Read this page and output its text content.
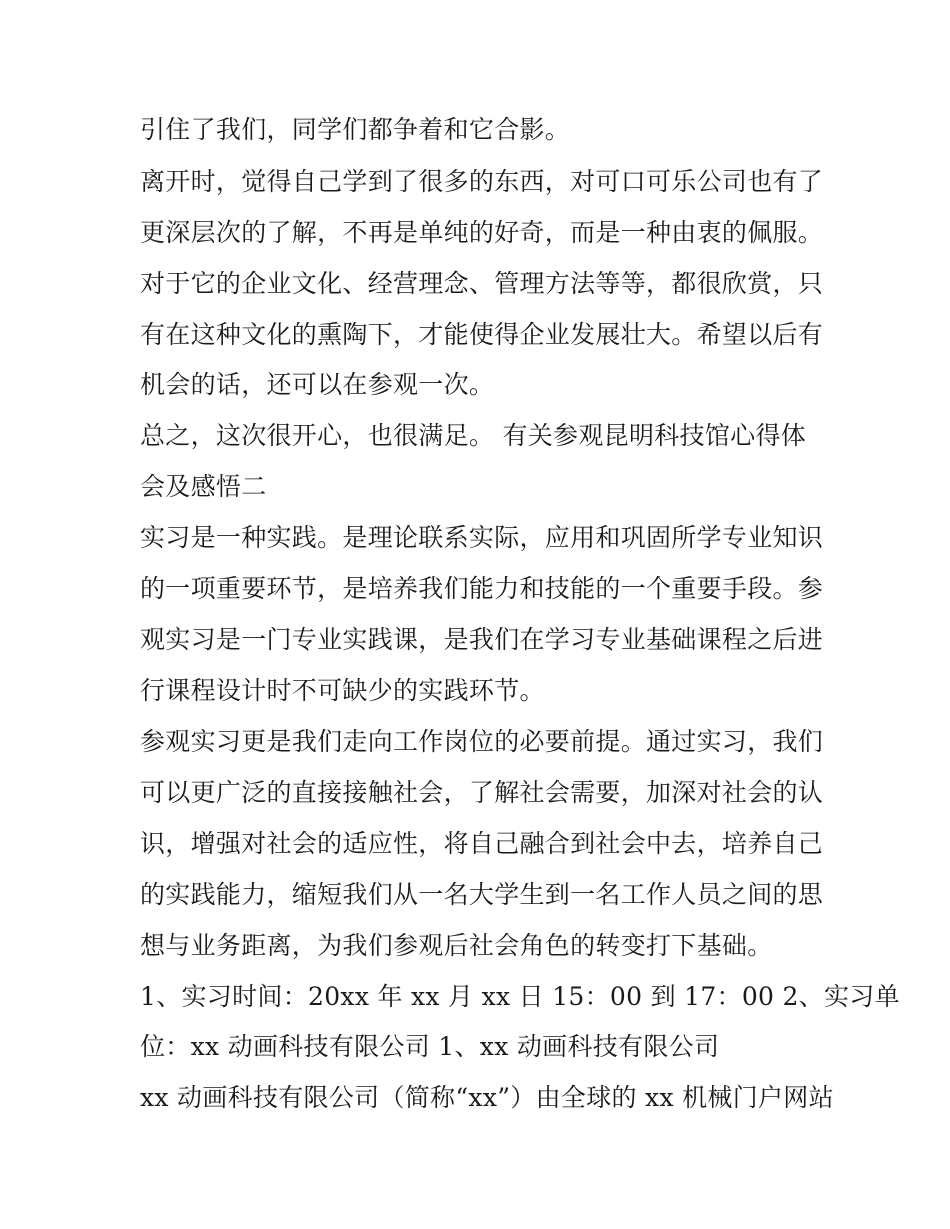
引住了我们，同学们都争着和它合影。
离开时，觉得自己学到了很多的东西，对可口可乐公司也有了
更深层次的了解，不再是单纯的好奇，而是一种由衷的佩服。
对于它的企业文化、经营理念、管理方法等等，都很欣赏，只
有在这种文化的熏陶下，才能使得企业发展壮大。希望以后有
机会的话，还可以在参观一次。
总之，这次很开心，也很满足。 有关参观昆明科技馆心得体
会及感悟二
实习是一种实践。是理论联系实际，应用和巩固所学专业知识
的一项重要环节，是培养我们能力和技能的一个重要手段。参
观实习是一门专业实践课，是我们在学习专业基础课程之后进
行课程设计时不可缺少的实践环节。
参观实习更是我们走向工作岗位的必要前提。通过实习，我们
可以更广泛的直接接触社会，了解社会需要，加深对社会的认
识，增强对社会的适应性，将自己融合到社会中去，培养自己
的实践能力，缩短我们从一名大学生到一名工作人员之间的思
想与业务距离，为我们参观后社会角色的转变打下基础。
1、实习时间：20xx 年 xx 月 xx 日 15：00 到 17：00 2、实习单
位：xx 动画科技有限公司 1、xx 动画科技有限公司
xx 动画科技有限公司（简称“xx”）由全球的 xx 机械门户网站
